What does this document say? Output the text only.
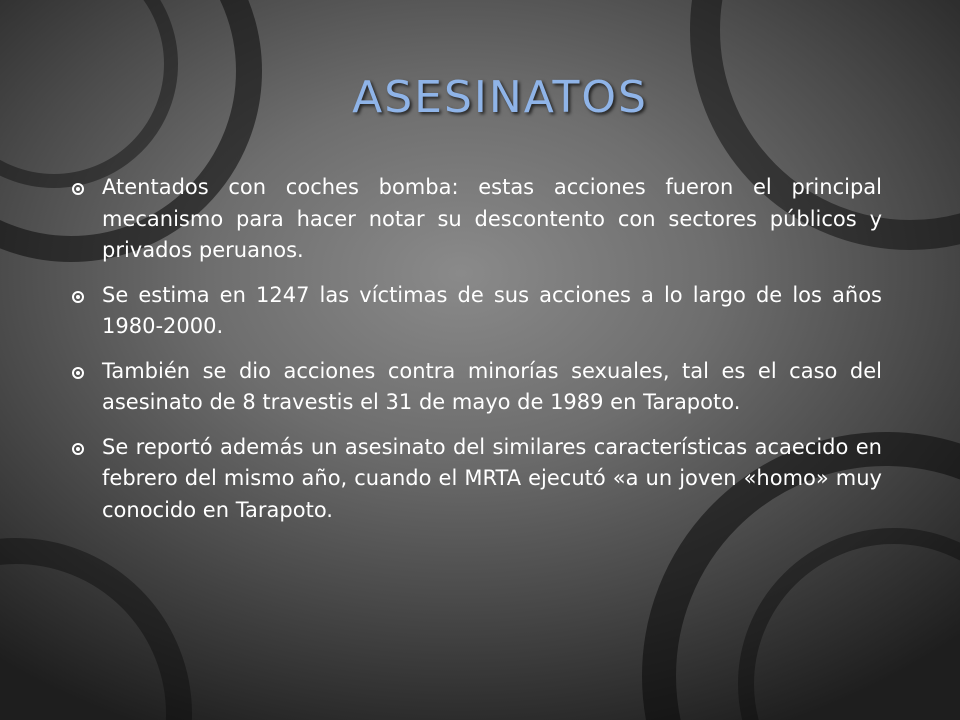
ASESINATOS
Atentados con coches bomba: estas acciones fueron el principal mecanismo para hacer notar su descontento con sectores públicos y privados peruanos.
Se estima en 1247 las víctimas de sus acciones a lo largo de los años 1980-2000.
También se dio acciones contra minorías sexuales, tal es el caso del asesinato de 8 travestis el 31 de mayo de 1989 en Tarapoto.
Se reportó además un asesinato del similares características acaecido en febrero del mismo año, cuando el MRTA ejecutó «a un joven «homo» muy conocido en Tarapoto.
